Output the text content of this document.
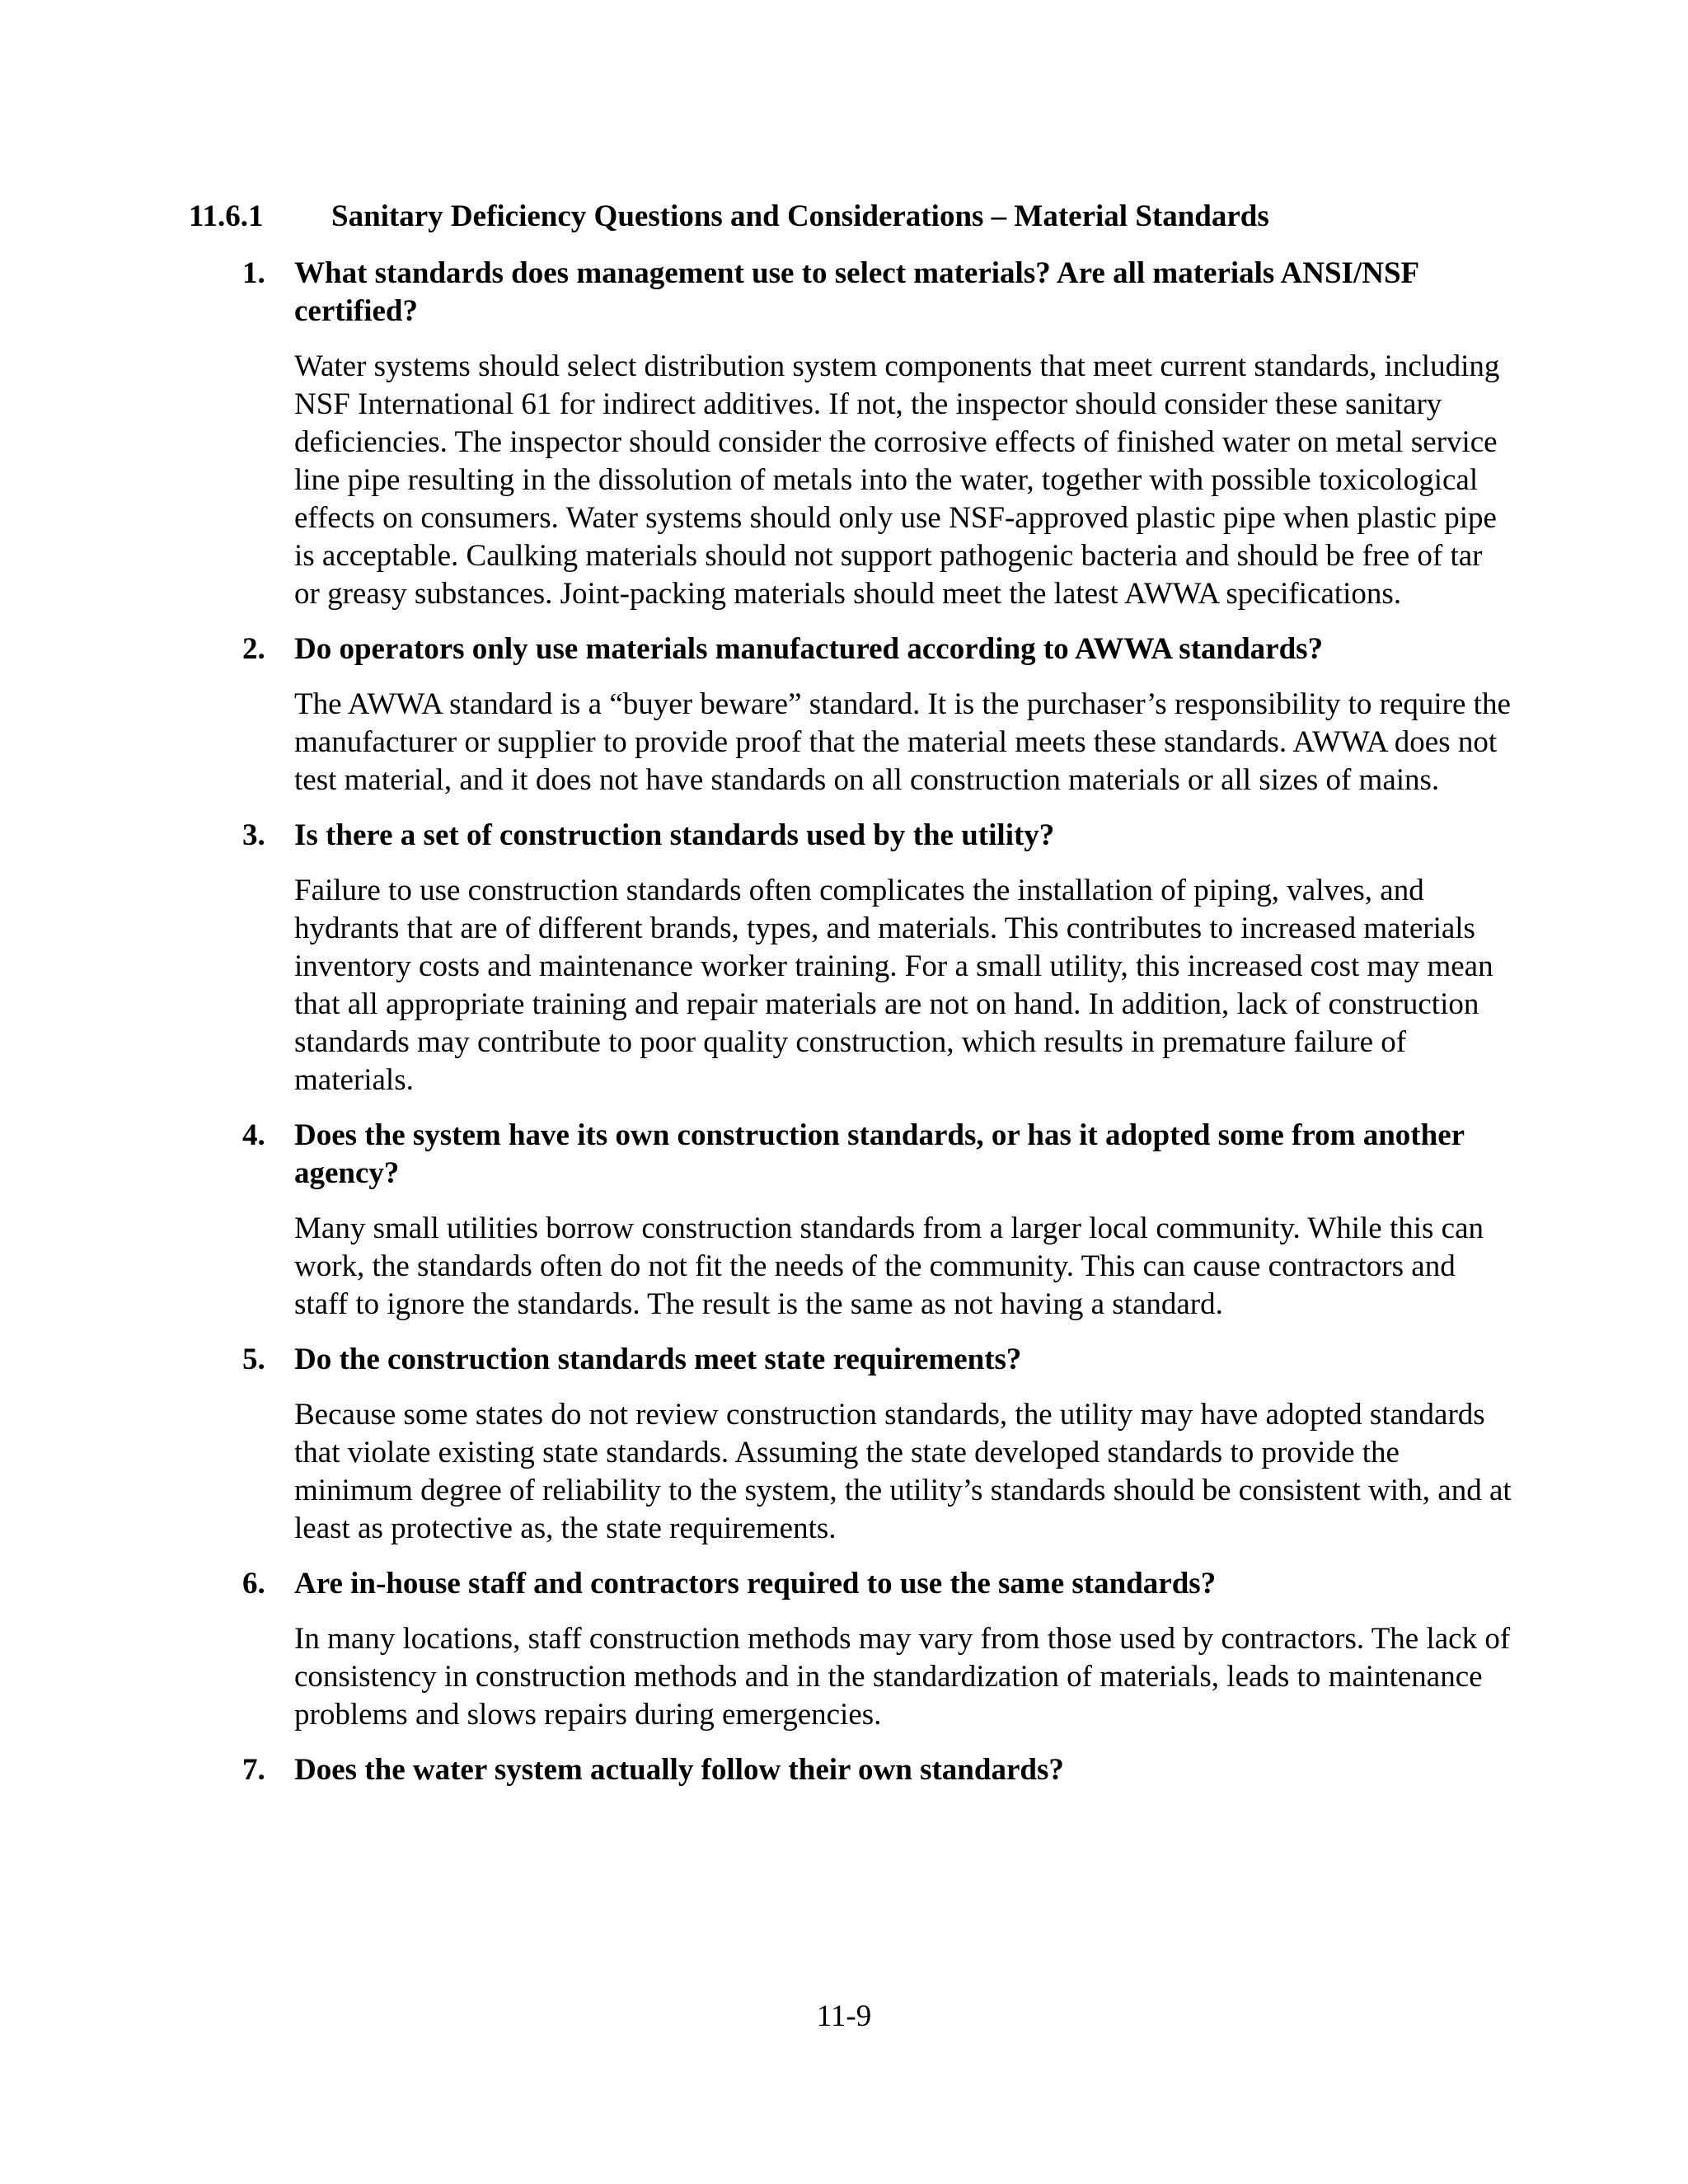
11.6.1 Sanitary Deficiency Questions and Considerations – Material Standards
1. What standards does management use to select materials? Are all materials ANSI/NSF certified?

Water systems should select distribution system components that meet current standards, including NSF International 61 for indirect additives. If not, the inspector should consider these sanitary deficiencies. The inspector should consider the corrosive effects of finished water on metal service line pipe resulting in the dissolution of metals into the water, together with possible toxicological effects on consumers. Water systems should only use NSF-approved plastic pipe when plastic pipe is acceptable. Caulking materials should not support pathogenic bacteria and should be free of tar or greasy substances. Joint-packing materials should meet the latest AWWA specifications.

2. Do operators only use materials manufactured according to AWWA standards?

The AWWA standard is a “buyer beware” standard. It is the purchaser’s responsibility to require the manufacturer or supplier to provide proof that the material meets these standards. AWWA does not test material, and it does not have standards on all construction materials or all sizes of mains.

3. Is there a set of construction standards used by the utility?

Failure to use construction standards often complicates the installation of piping, valves, and hydrants that are of different brands, types, and materials. This contributes to increased materials inventory costs and maintenance worker training. For a small utility, this increased cost may mean that all appropriate training and repair materials are not on hand. In addition, lack of construction standards may contribute to poor quality construction, which results in premature failure of materials.

4. Does the system have its own construction standards, or has it adopted some from another agency?

Many small utilities borrow construction standards from a larger local community. While this can work, the standards often do not fit the needs of the community. This can cause contractors and staff to ignore the standards. The result is the same as not having a standard.

5. Do the construction standards meet state requirements?

Because some states do not review construction standards, the utility may have adopted standards that violate existing state standards. Assuming the state developed standards to provide the minimum degree of reliability to the system, the utility’s standards should be consistent with, and at least as protective as, the state requirements.

6. Are in-house staff and contractors required to use the same standards?

In many locations, staff construction methods may vary from those used by contractors. The lack of consistency in construction methods and in the standardization of materials, leads to maintenance problems and slows repairs during emergencies.

7. Does the water system actually follow their own standards?

11-9
